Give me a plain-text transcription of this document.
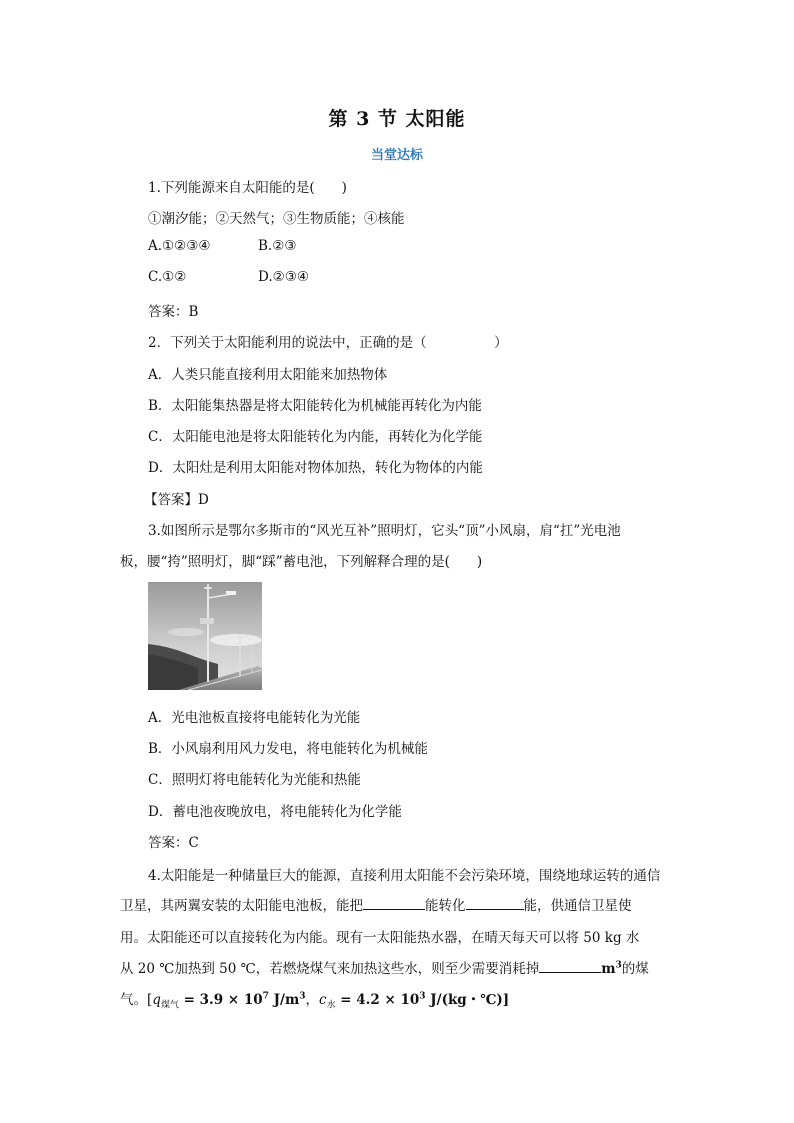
第 3 节 太阳能
当堂达标
1.下列能源来自太阳能的是(　　)
①潮汐能；②天然气；③生物质能；④核能
A.①②③④	B.②③
C.①②	D.②③④
答案：B
2．下列关于太阳能利用的说法中，正确的是（　　　　　）
A．人类只能直接利用太阳能来加热物体
B．太阳能集热器是将太阳能转化为机械能再转化为内能
C．太阳能电池是将太阳能转化为内能，再转化为化学能
D．太阳灶是利用太阳能对物体加热，转化为物体的内能
【答案】D
3.如图所示是鄂尔多斯市的“风光互补”照明灯，它头“顶”小风扇，肩“扛”光电池
板，腰“挎”照明灯，脚“踩”蓄电池，下列解释合理的是(　　)
A．光电池板直接将电能转化为光能
B．小风扇利用风力发电，将电能转化为机械能
C．照明灯将电能转化为光能和热能
D．蓄电池夜晚放电，将电能转化为化学能
答案：C
4.太阳能是一种储量巨大的能源，直接利用太阳能不会污染环境，围绕地球运转的通信
卫星，其两翼安装的太阳能电池板，能把	能转化	能，供通信卫星使
用。太阳能还可以直接转化为内能。现有一太阳能热水器，在晴天每天可以将 50 kg 水
从 20 ℃加热到 50 ℃，若燃烧煤气来加热这些水，则至少需要消耗掉	$m^3$的煤
气。[$q_{煤气} = 3.9 \times 10^7$ $J/m^3$，$c_水 = 4.2 \times 10^3$ J/(kg・℃)]
